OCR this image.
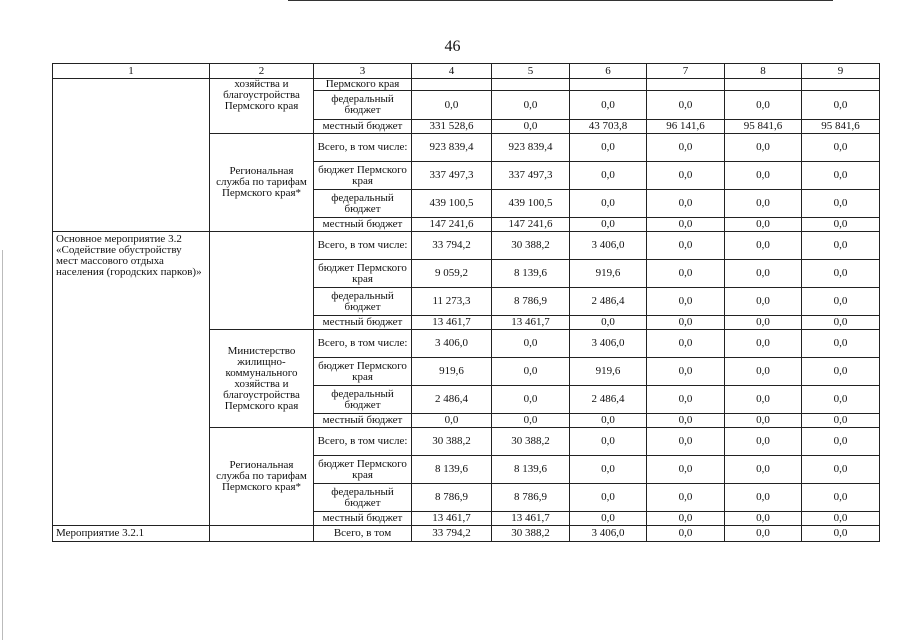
46
1	2	3	4	5	6	7	8	9
	хозяйства и благоустройства Пермского края	Пермского края						
		федеральный бюджет	0,0	0,0	0,0	0,0	0,0	0,0
		местный бюджет	331 528,6	0,0	43 703,8	96 141,6	95 841,6	95 841,6
	Региональная служба по тарифам Пермского края*	Всего, в том числе:	923 839,4	923 839,4	0,0	0,0	0,0	0,0
		бюджет Пермского края	337 497,3	337 497,3	0,0	0,0	0,0	0,0
		федеральный бюджет	439 100,5	439 100,5	0,0	0,0	0,0	0,0
		местный бюджет	147 241,6	147 241,6	0,0	0,0	0,0	0,0
Основное мероприятие 3.2 «Содействие обустройству мест массового отдыха населения (городских парков)»		Всего, в том числе:	33 794,2	30 388,2	3 406,0	0,0	0,0	0,0
		бюджет Пермского края	9 059,2	8 139,6	919,6	0,0	0,0	0,0
		федеральный бюджет	11 273,3	8 786,9	2 486,4	0,0	0,0	0,0
		местный бюджет	13 461,7	13 461,7	0,0	0,0	0,0	0,0
	Министерство жилищно-коммунального хозяйства и благоустройства Пермского края	Всего, в том числе:	3 406,0	0,0	3 406,0	0,0	0,0	0,0
		бюджет Пермского края	919,6	0,0	919,6	0,0	0,0	0,0
		федеральный бюджет	2 486,4	0,0	2 486,4	0,0	0,0	0,0
		местный бюджет	0,0	0,0	0,0	0,0	0,0	0,0
	Региональная служба по тарифам Пермского края*	Всего, в том числе:	30 388,2	30 388,2	0,0	0,0	0,0	0,0
		бюджет Пермского края	8 139,6	8 139,6	0,0	0,0	0,0	0,0
		федеральный бюджет	8 786,9	8 786,9	0,0	0,0	0,0	0,0
		местный бюджет	13 461,7	13 461,7	0,0	0,0	0,0	0,0
Мероприятие 3.2.1		Всего, в том	33 794,2	30 388,2	3 406,0	0,0	0,0	0,0
